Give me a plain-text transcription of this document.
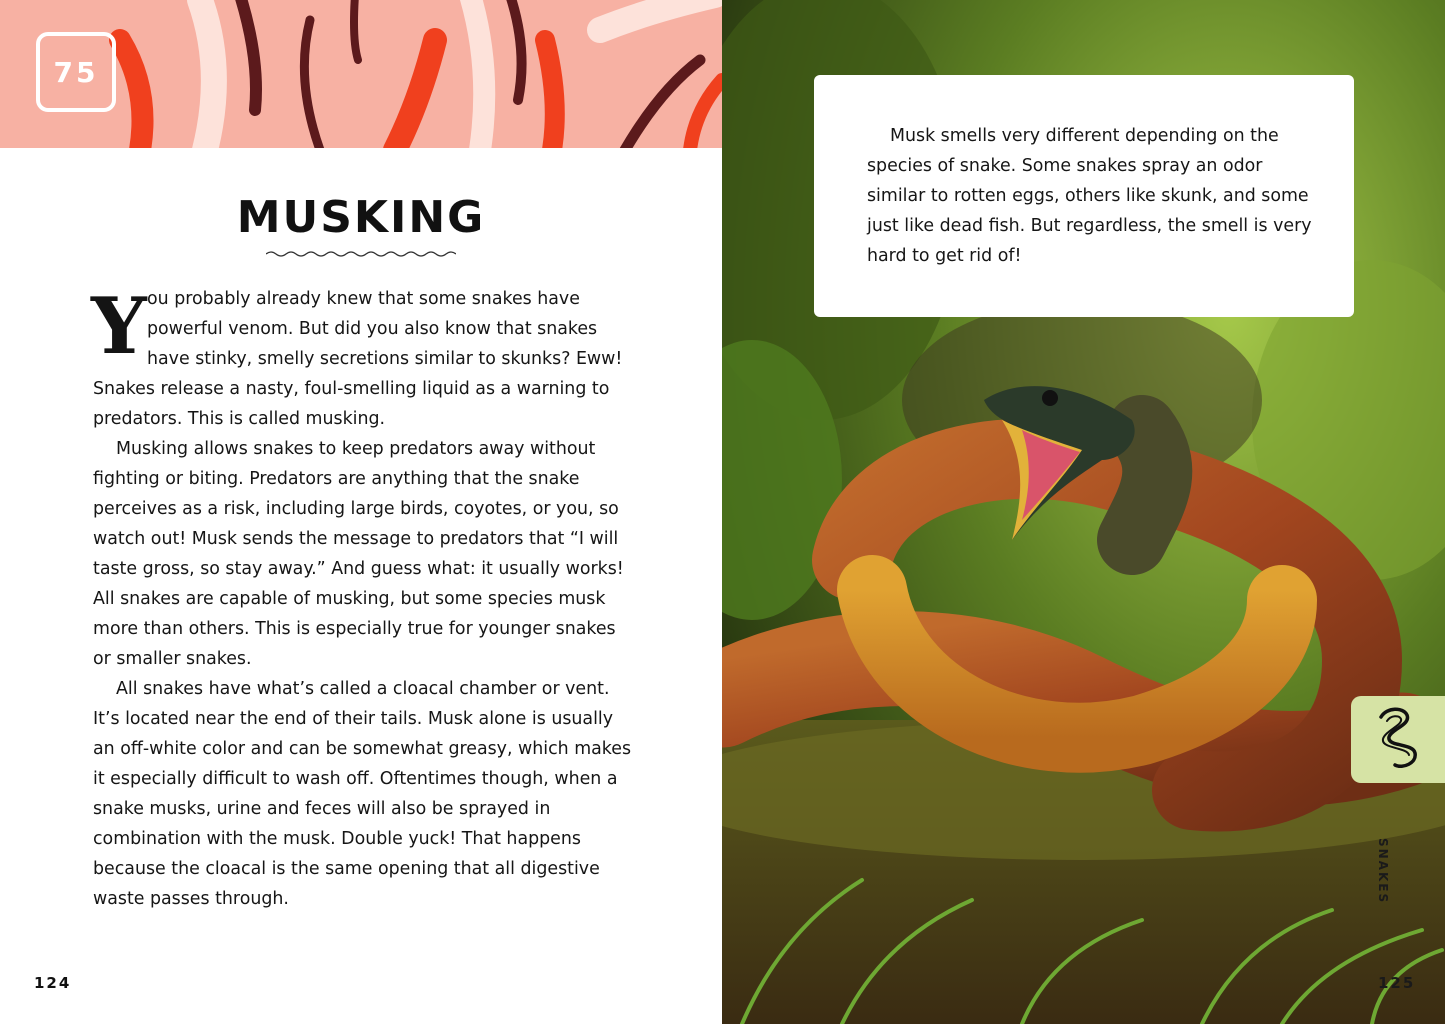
75
MUSKING

You probably already knew that some snakes have powerful venom. But did you also know that snakes have stinky, smelly secretions similar to skunks? Eww! Snakes release a nasty, foul-smelling liquid as a warning to predators. This is called musking.

Musking allows snakes to keep predators away without fighting or biting. Predators are anything that the snake perceives as a risk, including large birds, coyotes, or you, so watch out! Musk sends the message to predators that “I will taste gross, so stay away.” And guess what: it usually works! All snakes are capable of musking, but some species musk more than others. This is especially true for younger snakes or smaller snakes.

All snakes have what’s called a cloacal chamber or vent. It’s located near the end of their tails. Musk alone is usually an off-white color and can be somewhat greasy, which makes it especially difficult to wash off. Oftentimes though, when a snake musks, urine and feces will also be sprayed in combination with the musk. Double yuck! That happens because the cloacal is the same opening that all digestive waste passes through.

124

Musk smells very different depending on the species of snake. Some snakes spray an odor similar to rotten eggs, others like skunk, and some just like dead fish. But regardless, the smell is very hard to get rid of!

SNAKES
125
